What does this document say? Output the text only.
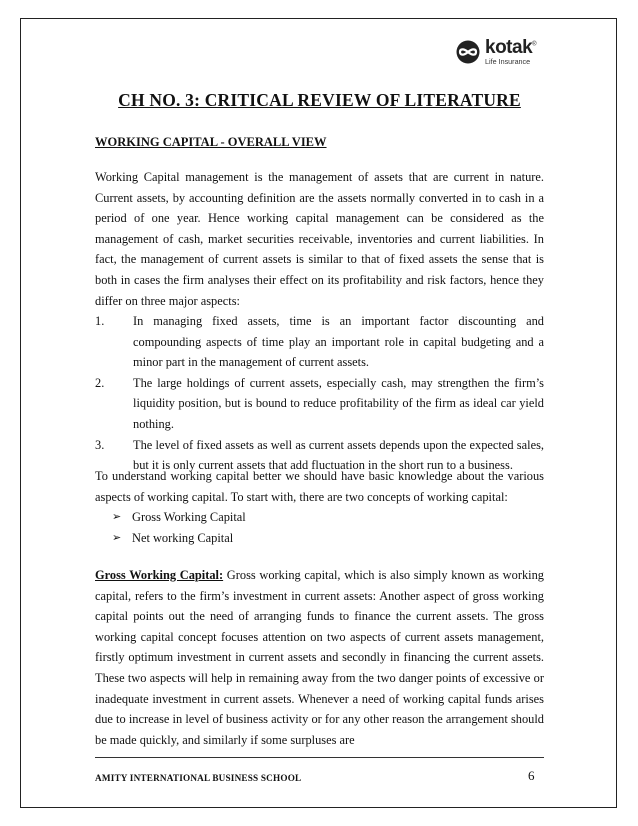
kotak®
Life Insurance
CH NO. 3: CRITICAL REVIEW OF LITERATURE
WORKING CAPITAL - OVERALL VIEW
Working Capital management is the management of assets that are current in nature. Current assets, by accounting definition are the assets normally converted in to cash in a period of one year. Hence working capital management can be considered as the management of cash, market securities receivable, inventories and current liabilities. In fact, the management of current assets is similar to that of fixed assets the sense that is both in cases the firm analyses their effect on its profitability and risk factors, hence they differ on three major aspects:
1.	In managing fixed assets, time is an important factor discounting and compounding aspects of time play an important role in capital budgeting and a minor part in the management of current assets.
2.	The large holdings of current assets, especially cash, may strengthen the firm’s liquidity position, but is bound to reduce profitability of the firm as ideal car yield nothing.
3.	The level of fixed assets as well as current assets depends upon the expected sales, but it is only current assets that add fluctuation in the short run to a business.
To understand working capital better we should have basic knowledge about the various aspects of working capital. To start with, there are two concepts of working capital:
➢ Gross Working Capital
➢ Net working Capital
Gross Working Capital: Gross working capital, which is also simply known as working capital, refers to the firm’s investment in current assets: Another aspect of gross working capital points out the need of arranging funds to finance the current assets. The gross working capital concept focuses attention on two aspects of current assets management, firstly optimum investment in current assets and secondly in financing the current assets. These two aspects will help in remaining away from the two danger points of excessive or inadequate investment in current assets. Whenever a need of working capital funds arises due to increase in level of business activity or for any other reason the arrangement should be made quickly, and similarly if some surpluses are
AMITY INTERNATIONAL BUSINESS SCHOOL	6
